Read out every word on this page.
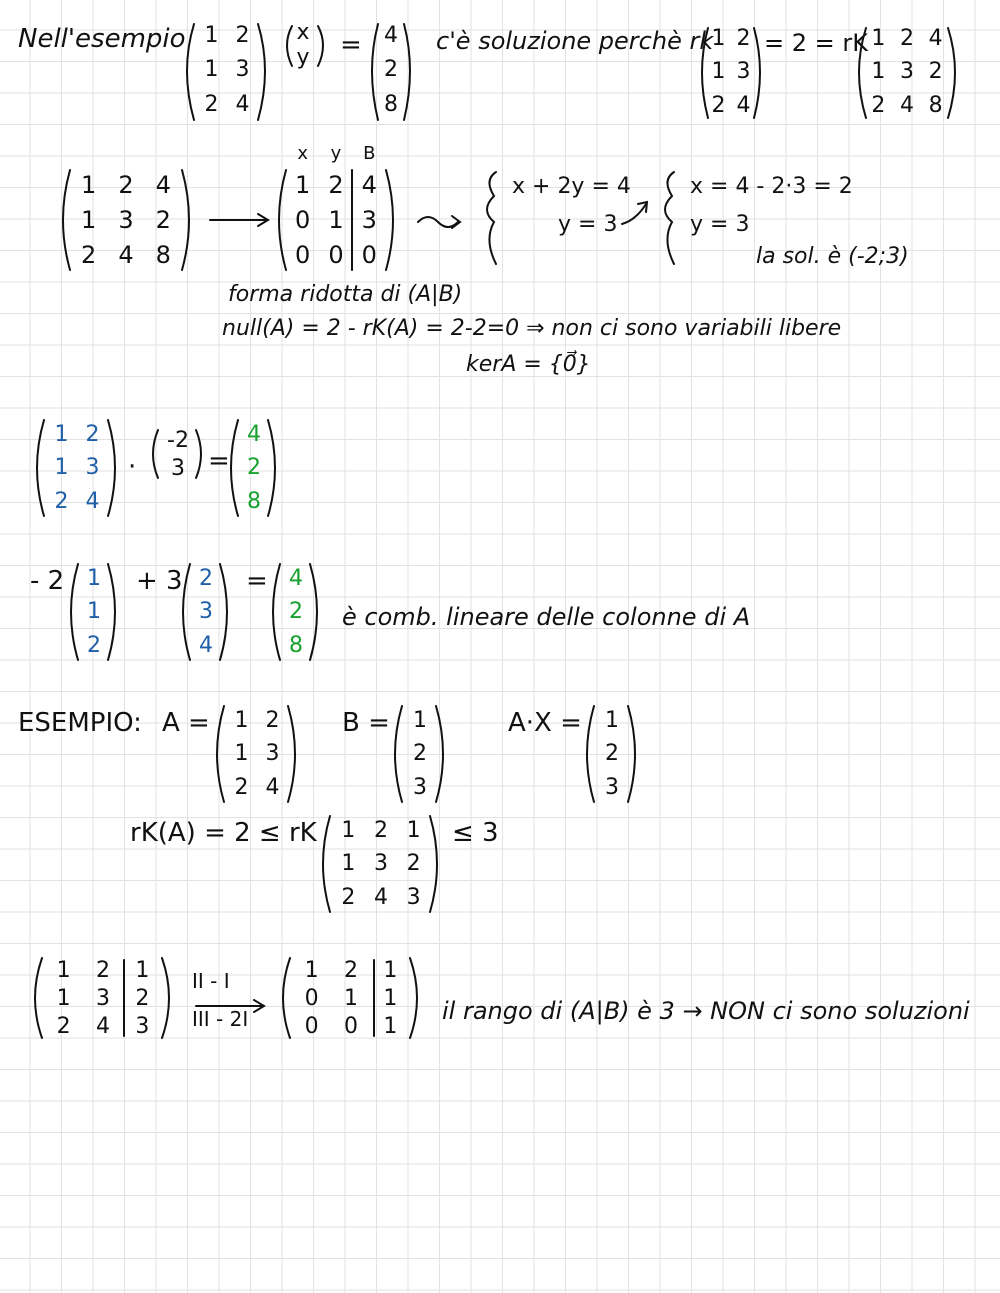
Nell'esempio 1 2
1 3
2 4
x
y = 4
2
8
c'è soluzione perchè rk
1 2
1 3
2 4
= 2 = rK 1 2 4
1 3 2
2 4 8
1 2 4
1 3 2
2 4 8
x y B
1 2 4
0 1 3
0 0 0
x + 2y = 4
y = 3
x = 4 - 2·3 = 2
y = 3
la sol. è (-2;3)
forma ridotta di (A|B)
null(A) = 2 - rK(A) = 2-2=0 ⇒ non ci sono variabili libere
kerA = {0⃗}
1 2
1 3
2 4
·
-2
3 =
4
2
8
- 2 1
1
2
+ 3 2
3
4
= 4
2
8
è comb. lineare delle colonne di A
ESEMPIO: A = 1 2
1 3
2 4
B = 1
2
3
A·X = 1
2
3
rK(A) = 2 ≤ rK 1 2 1
1 3 2
2 4 3
≤ 3
1 2 1
1 3 2
2 4 3
II - I
III - 2I
1 2 1
0 1 1
0 0 1
il rango di (A|B) è 3 → NON ci sono soluzioni
